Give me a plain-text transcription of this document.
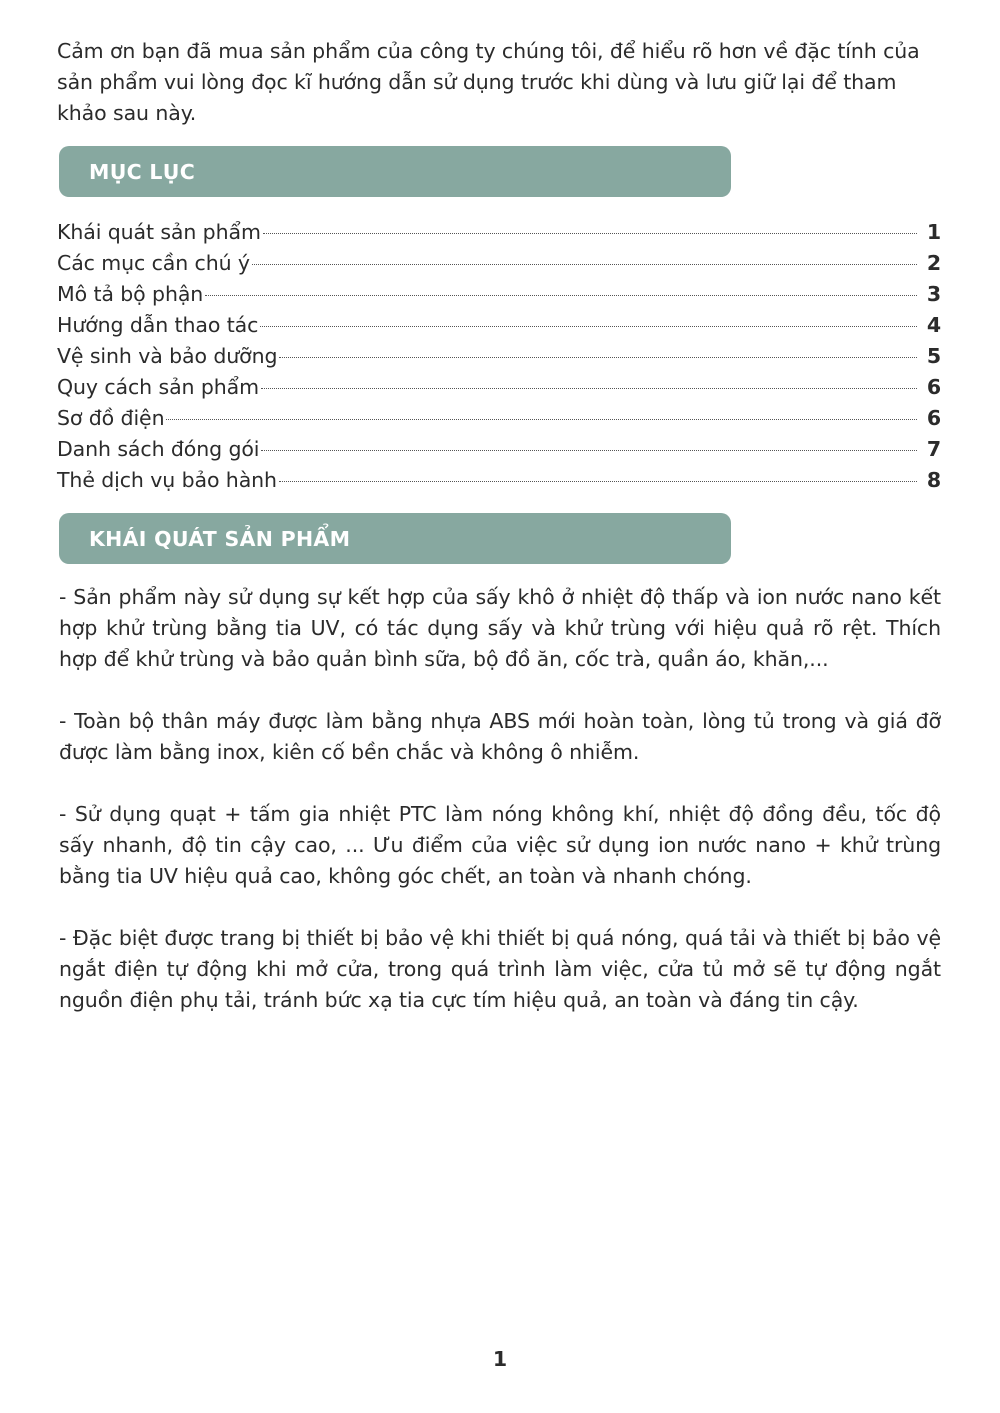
Cảm ơn bạn đã mua sản phẩm của công ty chúng tôi, để hiểu rõ hơn về đặc tính của sản phẩm vui lòng đọc kĩ hướng dẫn sử dụng trước khi dùng và lưu giữ lại để tham khảo sau này.

MỤC LỤC
Khái quát sản phẩm	1
Các mục cần chú ý	2
Mô tả bộ phận	3
Hướng dẫn thao tác	4
Vệ sinh và bảo dưỡng	5
Quy cách sản phẩm	6
Sơ đồ điện	6
Danh sách đóng gói	7
Thẻ dịch vụ bảo hành	8
KHÁI QUÁT SẢN PHẨM

- Sản phẩm này sử dụng sự kết hợp của sấy khô ở nhiệt độ thấp và ion nước nano kết hợp khử trùng bằng tia UV, có tác dụng sấy và khử trùng với hiệu quả rõ rệt. Thích hợp để khử trùng và bảo quản bình sữa, bộ đồ ăn, cốc trà, quần áo, khăn,...

- Toàn bộ thân máy được làm bằng nhựa ABS mới hoàn toàn, lòng tủ trong và giá đỡ được làm bằng inox, kiên cố bền chắc và không ô nhiễm.

- Sử dụng quạt + tấm gia nhiệt PTC làm nóng không khí, nhiệt độ đồng đều, tốc độ sấy nhanh, độ tin cậy cao, ... Ưu điểm của việc sử dụng ion nước nano + khử trùng bằng tia UV hiệu quả cao, không góc chết, an toàn và nhanh chóng.

- Đặc biệt được trang bị thiết bị bảo vệ khi thiết bị quá nóng, quá tải và thiết bị bảo vệ ngắt điện tự động khi mở cửa, trong quá trình làm việc, cửa tủ mở sẽ tự động ngắt nguồn điện phụ tải, tránh bức xạ tia cực tím hiệu quả, an toàn và đáng tin cậy.

1
